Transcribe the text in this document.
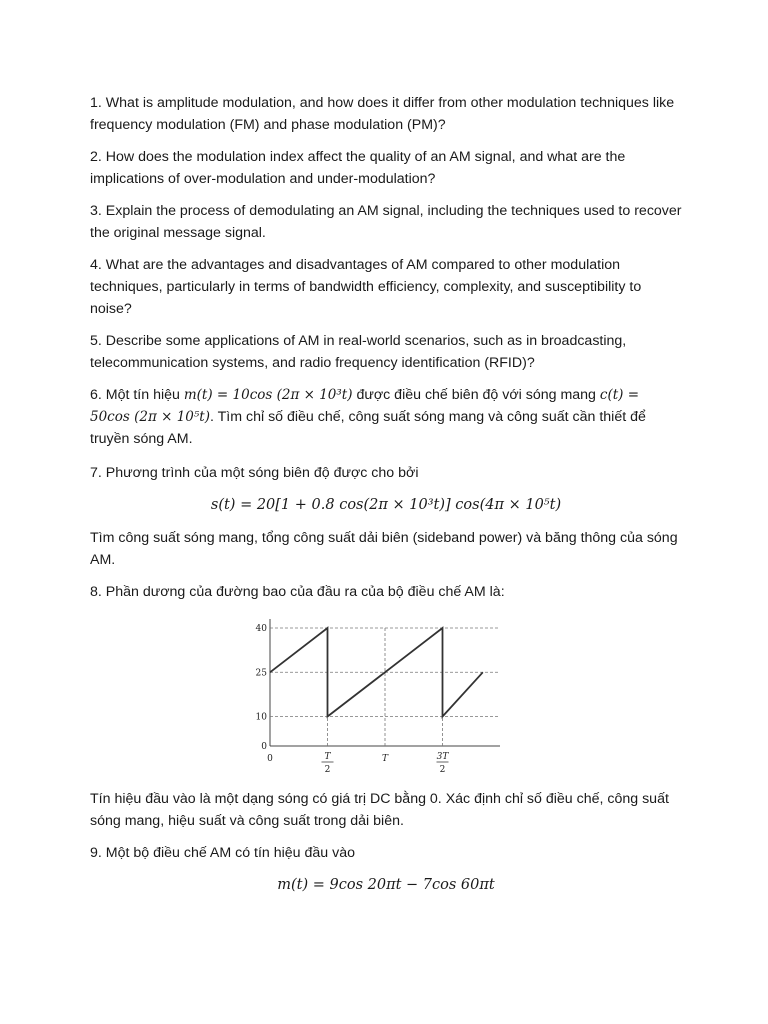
1. What is amplitude modulation, and how does it differ from other modulation techniques like frequency modulation (FM) and phase modulation (PM)?

2. How does the modulation index affect the quality of an AM signal, and what are the implications of over-modulation and under-modulation?

3. Explain the process of demodulating an AM signal, including the techniques used to recover the original message signal.

4. What are the advantages and disadvantages of AM compared to other modulation techniques, particularly in terms of bandwidth efficiency, complexity, and susceptibility to noise?

5. Describe some applications of AM in real-world scenarios, such as in broadcasting, telecommunication systems, and radio frequency identification (RFID)?

6. Một tín hiệu m(t) = 10cos (2π × 10³t) được điều chế biên độ với sóng mang c(t) = 50cos (2π × 10⁵t). Tìm chỉ số điều chế, công suất sóng mang và công suất cần thiết để truyền sóng AM.

7. Phương trình của một sóng biên độ được cho bởi

s(t) = 20[1 + 0.8 cos(2π × 10³t)] cos(4π × 10⁵t)

Tìm công suất sóng mang, tổng công suất dải biên (sideband power) và băng thông của sóng AM.

8. Phần dương của đường bao của đầu ra của bộ điều chế AM là:

0
10
25
40
0	T
2
T	3T
2

Tín hiệu đầu vào là một dạng sóng có giá trị DC bằng 0. Xác định chỉ số điều chế, công suất sóng mang, hiệu suất và công suất trong dải biên.

9. Một bộ điều chế AM có tín hiệu đầu vào

m(t) = 9cos 20πt − 7cos 60πt
